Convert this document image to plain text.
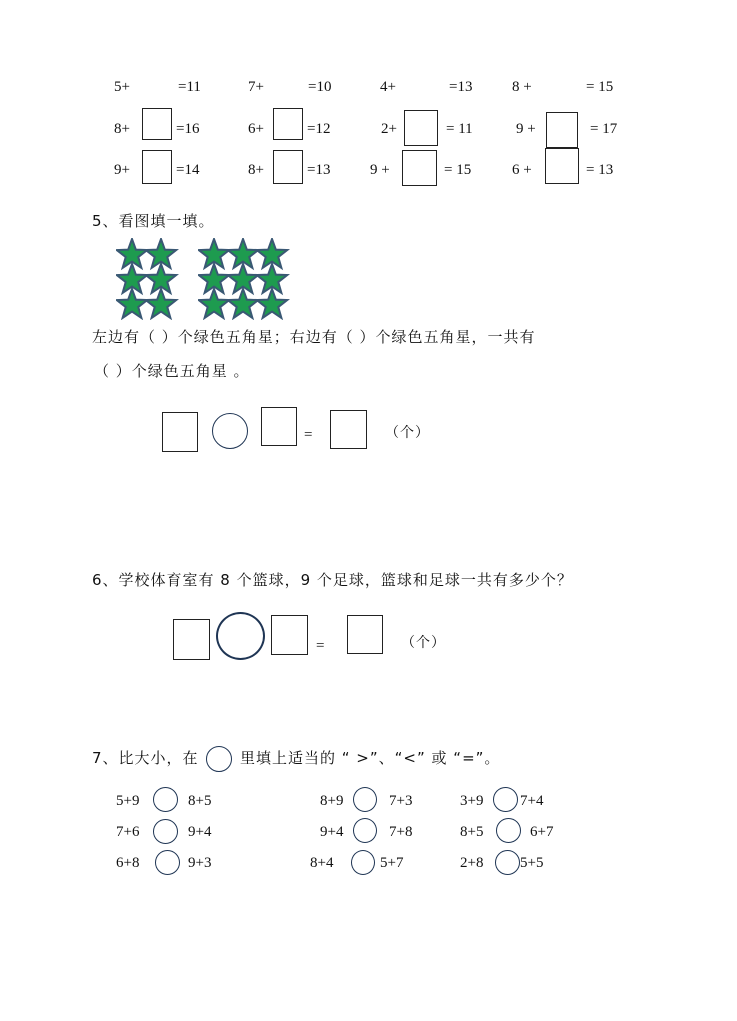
5+	=11	7+	=10	4+	=13	8 +	= 15
8+	=16	6+	=12	2+	= 11	9 +	= 17
9+	=14	8+	=13	9 +	= 15	6 +	= 13
5、看图填一填。
左边有（ ）个绿色五角星；右边有（ ）个绿色五角星，一共有
（ ）个绿色五角星 。
=	（个）
6、学校体育室有 8 个篮球，9 个足球，篮球和足球一共有多少个？
=	（个）
7、比大小，在	里填上适当的 “ >”、“<” 或 “=”。
5+9	8+5	8+9	7+3	3+9 7+4
7+6	9+4	9+4	7+8	8+5	6+7
6+8	9+3	8+4	5+7	2+8 5+5
